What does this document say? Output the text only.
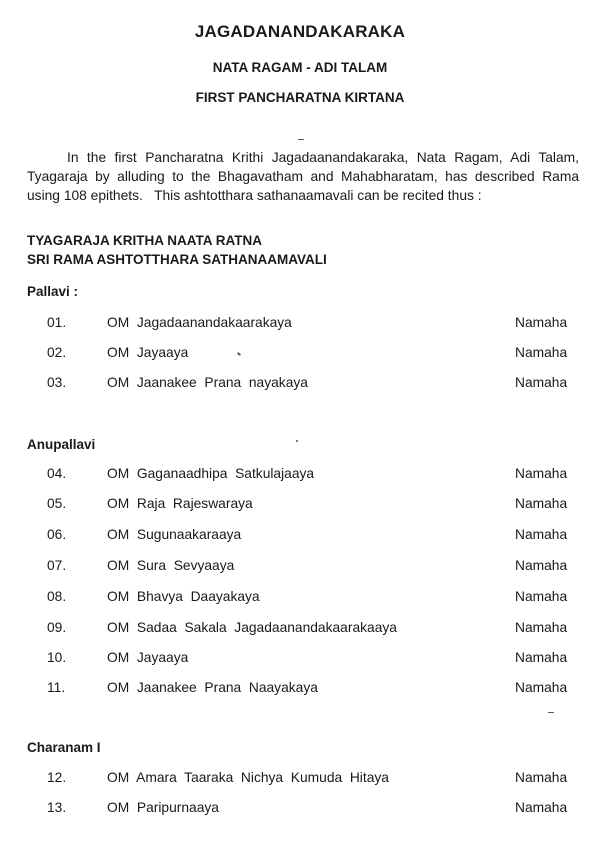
JAGADANANDAKARAKA
NATA RAGAM - ADI TALAM
FIRST PANCHARATNA KIRTANA
In the first Pancharatna Krithi Jagadaanandakaraka, Nata Ragam, Adi Talam, Tyagaraja by alluding to the Bhagavatham and Mahabharatam, has described Rama using 108 epithets.   This ashtotthara sathanaamavali can be recited thus :
TYAGARAJA KRITHA NAATA RATNA
SRI RAMA ASHTOTTHARA SATHANAAMAVALI
Pallavi :
01.	OM  Jagadaanandakaarakaya	Namaha
02.	OM  Jayaaya	Namaha
03.	OM  Jaanakee  Prana  nayakaya	Namaha
Anupallavi
04.	OM  Gaganaadhipa  Satkulajaaya	Namaha
05.	OM  Raja  Rajeswaraya	Namaha
06.	OM  Sugunaakaraaya	Namaha
07.	OM  Sura  Sevyaaya	Namaha
08.	OM  Bhavya  Daayakaya	Namaha
09.	OM  Sadaa  Sakala  Jagadaanandakaarakaaya	Namaha
10.	OM  Jayaaya	Namaha
11.	OM  Jaanakee  Prana  Naayakaya	Namaha
Charanam I
12.	OM  Amara  Taaraka  Nichya  Kumuda  Hitaya	Namaha
13.	OM  Paripurnaaya	Namaha
